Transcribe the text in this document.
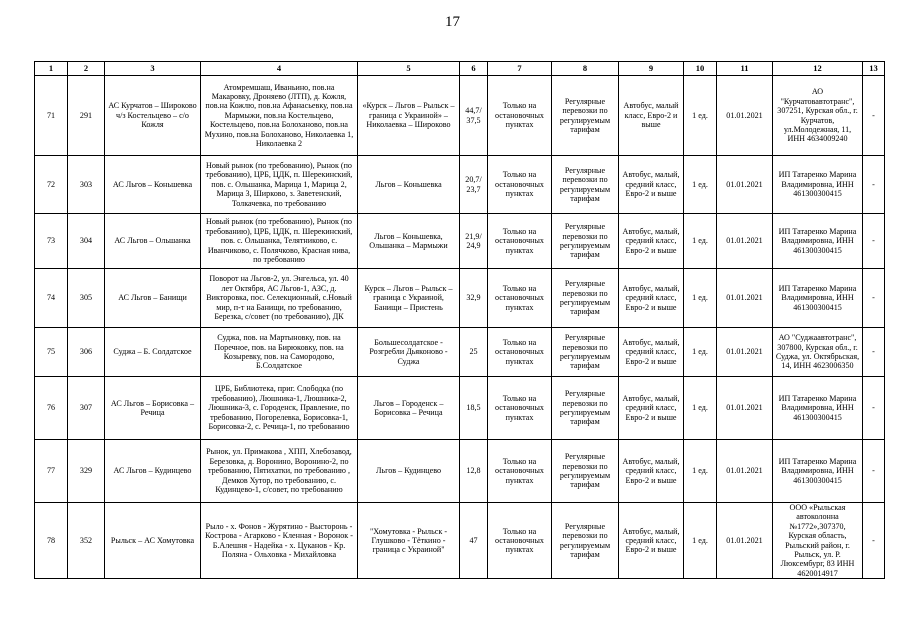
17
1	2	3	4	5	6	7	8	9	10	11	12	13
71	291	АС Курчатов – Широково ч/з Костельцево – с/о Кожля	Атомремшаш, Иваньино, пов.на Макаровку, Дроняево (ЛТП), д. Кожля, пов.на Кожлю, пов.на Афанасьевку, пов.на Мармыжи, пов.на Костельцево, Костельцево, пов.на Болоханово, пов.на Мухино, пов.на Болоханово, Николаевка 1, Николаевка 2	«Курск – Льгов – Рыльск – граница с Украиной» – Николаевка – Широково	44,7/ 37,5	Только на остановочных пунктах	Регулярные перевозки по регулируемым тарифам	Автобус, малый класс, Евро-2 и выше	1 ед.	01.01.2021	АО "Курчатовавтотранс", 307251, Курская обл., г. Курчатов, ул.Молодежная, 11, ИНН 4634009240	-
72	303	АС Льгов – Коньшевка	Новый рынок (по требованию), Рынок (по требованию), ЦРБ, ЦДК, п. Шерекинский, пов. с. Ольшанка, Марица 1, Марица 2, Марица 3, Ширково, з. Заветенский, Толкачевка, по требованию	Льгов – Коньшевка	20,7/ 23,7	Только на остановочных пунктах	Регулярные перевозки по регулируемым тарифам	Автобус, малый, средний класс, Евро-2 и выше	1 ед.	01.01.2021	ИП Татаренко Марина Владимировна, ИНН 461300300415	-
73	304	АС Льгов – Ольшанка	Новый рынок (по требованию), Рынок (по требованию), ЦРБ, ЦДК, п. Шерекинский, пов. с. Ольшанка, Телятниково, с. Иванчиково, с. Полячково, Красная нива, по требованию	Льгов – Коньшевка, Ольшанка – Мармыжи	21,9/ 24,9	Только на остановочных пунктах	Регулярные перевозки по регулируемым тарифам	Автобус, малый, средний класс, Евро-2 и выше	1 ед.	01.01.2021	ИП Татаренко Марина Владимировна, ИНН 461300300415	-
74	305	АС Льгов – Банищи	Поворот на Льгов-2, ул. Энгельса, ул. 40 лет Октября, АС Льгов-1, АЗС, д. Викторовка, пос. Селекционный, с.Новый мир, п-т на Банищи, по требованию, Березка, с/совет (по требованию), ДК	Курск – Льгов – Рыльск – граница с Украиной, Банищи – Пристень	32,9	Только на остановочных пунктах	Регулярные перевозки по регулируемым тарифам	Автобус, малый, средний класс, Евро-2 и выше	1 ед.	01.01.2021	ИП Татаренко Марина Владимировна, ИНН 461300300415	-
75	306	Суджа – Б. Солдатское	Суджа, пов. на Мартыновку, пов. на Поречное, пов. на Бирюковку, пов. на Козыревку, пов. на Самородово, Б.Солдатское	Большесолдатское - Розгребли Дьяконово - Суджа	25	Только на остановочных пунктах	Регулярные перевозки по регулируемым тарифам	Автобус, малый, средний класс, Евро-2 и выше	1 ед.	01.01.2021	АО "Суджаавтотранс", 307800, Курская обл., г. Суджа, ул. Октябрьская, 14, ИНН 4623006350	-
76	307	АС Льгов – Борисовка – Речица	ЦРБ, Библиотека, приг. Слободка (по требованию), Люшника-1, Люшника-2, Люшника-3, с. Городенск, Правление, по требованию, Погорелевка, Борисовка-1, Борисовка-2, с. Речица-1, по требованию	Льгов – Городенск – Борисовка – Речица	18,5	Только на остановочных пунктах	Регулярные перевозки по регулируемым тарифам	Автобус, малый, средний класс, Евро-2 и выше	1 ед.	01.01.2021	ИП Татаренко Марина Владимировна, ИНН 461300300415	-
77	329	АС Льгов – Кудинцево	Рынок, ул. Примакова , ХПП, Хлебозавод, Березовка, д. Воронино, Воронино-2, по требованию, Пятихатки, по требованию , Демков Хутор, по требованию, с. Кудинцево-1, с/совет, по требованию	Льгов – Кудинцево	12,8	Только на остановочных пунктах	Регулярные перевозки по регулируемым тарифам	Автобус, малый, средний класс, Евро-2 и выше	1 ед.	01.01.2021	ИП Татаренко Марина Владимировна, ИНН 461300300415	-
78	352	Рыльск – АС Хомутовка	Рыло - х. Фонов - Журятино - Высторонь - Кострова - Агарково - Кленная - Воронок - Б.Алешня - Надейка - х. Цуканов - Кр. Поляна - Ольховка - Михайловка	"Хомутовка - Рыльск - Глушково - Тёткино - граница с Украиной"	47	Только на остановочных пунктах	Регулярные перевозки по регулируемым тарифам	Автобус, малый, средний класс, Евро-2 и выше	1 ед.	01.01.2021	ООО «Рыльская автоколонна №1772»,307370, Курская область, Рыльский район, г. Рыльск, ул. Р. Люксембург, 83 ИНН 4620014917	-
